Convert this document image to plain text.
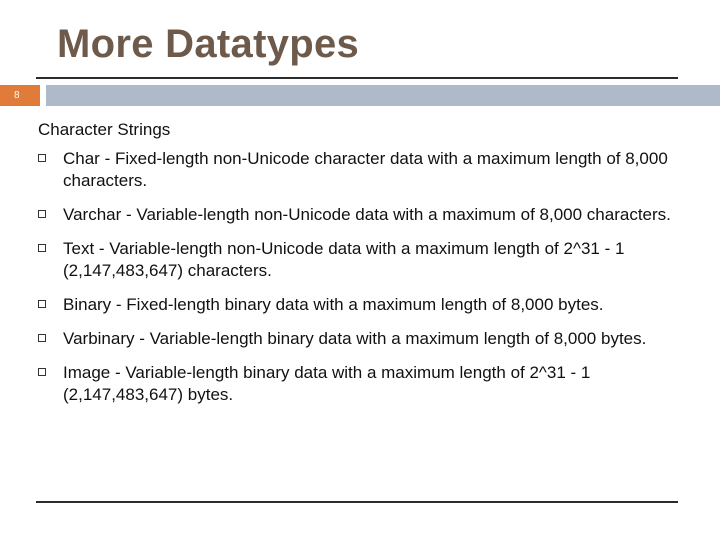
More Datatypes
8
Character Strings
Char - Fixed-length non-Unicode character data with a maximum length of 8,000 characters.
Varchar - Variable-length non-Unicode data with a maximum of 8,000 characters.
Text - Variable-length non-Unicode data with a maximum length of 2^31 - 1 (2,147,483,647) characters.
Binary - Fixed-length binary data with a maximum length of 8,000 bytes.
Varbinary - Variable-length binary data with a maximum length of 8,000 bytes.
Image - Variable-length binary data with a maximum length of 2^31 - 1 (2,147,483,647) bytes.
